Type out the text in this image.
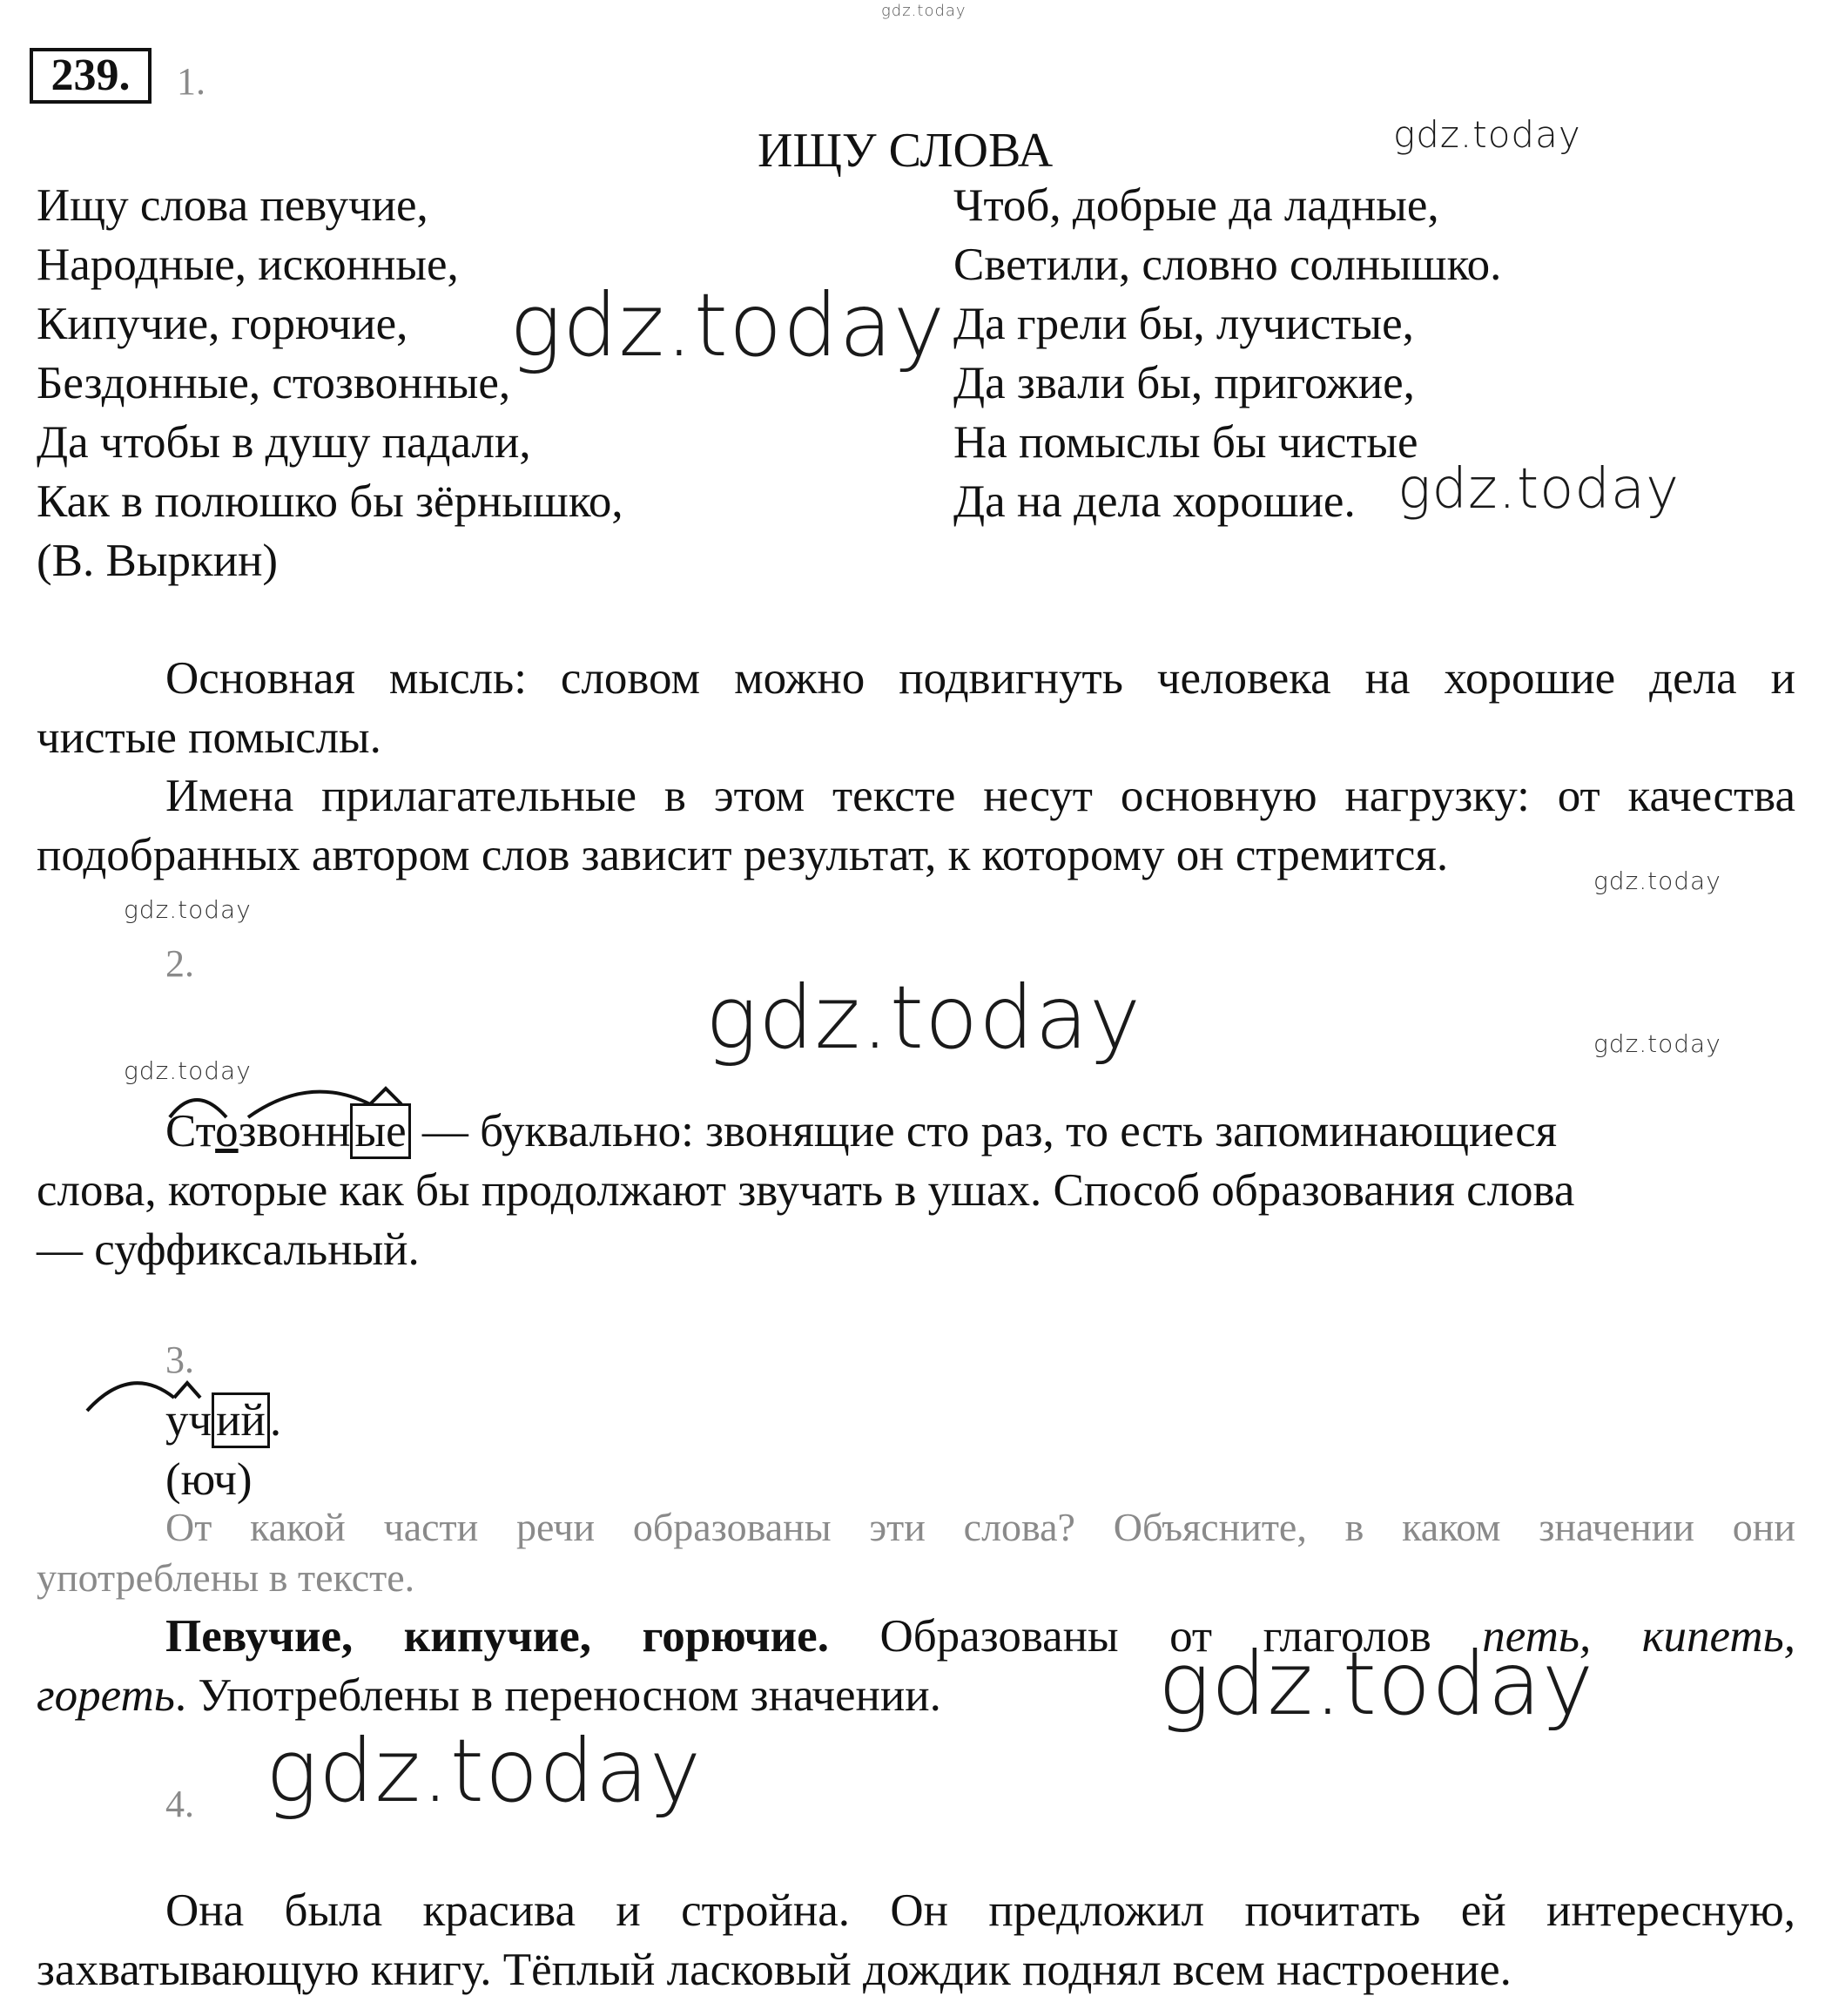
gdz.today
239.	1.
ИЩУ СЛОВА	gdz.today
Ищу слова певучие,
Народные, исконные,
Кипучие, горючие,
Бездонные, стозвонные,
Да чтобы в душу падали,
Как в полюшко бы зёрнышко,
(В. Выркин)
Чтоб, добрые да ладные,
Светили, словно солнышко.
Да грели бы, лучистые,
Да звали бы, пригожие,
На помыслы бы чистые
Да на дела хорошие.
gdz.today
gdz.today
Основная мысль: словом можно подвигнуть человека на хорошие дела и
чистые помыслы.
Имена прилагательные в этом тексте несут основную нагрузку: от качества
подобранных автором слов зависит результат, к которому он стремится.
gdz.today
gdz.today
2.
gdz.today	gdz.today
gdz.today
Стозвонные — буквально: звонящие сто раз, то есть запоминающиеся
слова, которые как бы продолжают звучать в ушах. Способ образования слова
— суффиксальный.
3.
учий.
(юч)
От какой части речи образованы эти слова? Объясните, в каком значении они
употреблены в тексте.
Певучие, кипучие, горючие. Образованы от глаголов петь, кипеть,
гореть. Употреблены в переносном значении. gdz.today
gdz.today
4.
Она была красива и стройна. Он предложил почитать ей интересную,
захватывающую книгу. Тёплый ласковый дождик поднял всем настроение.
